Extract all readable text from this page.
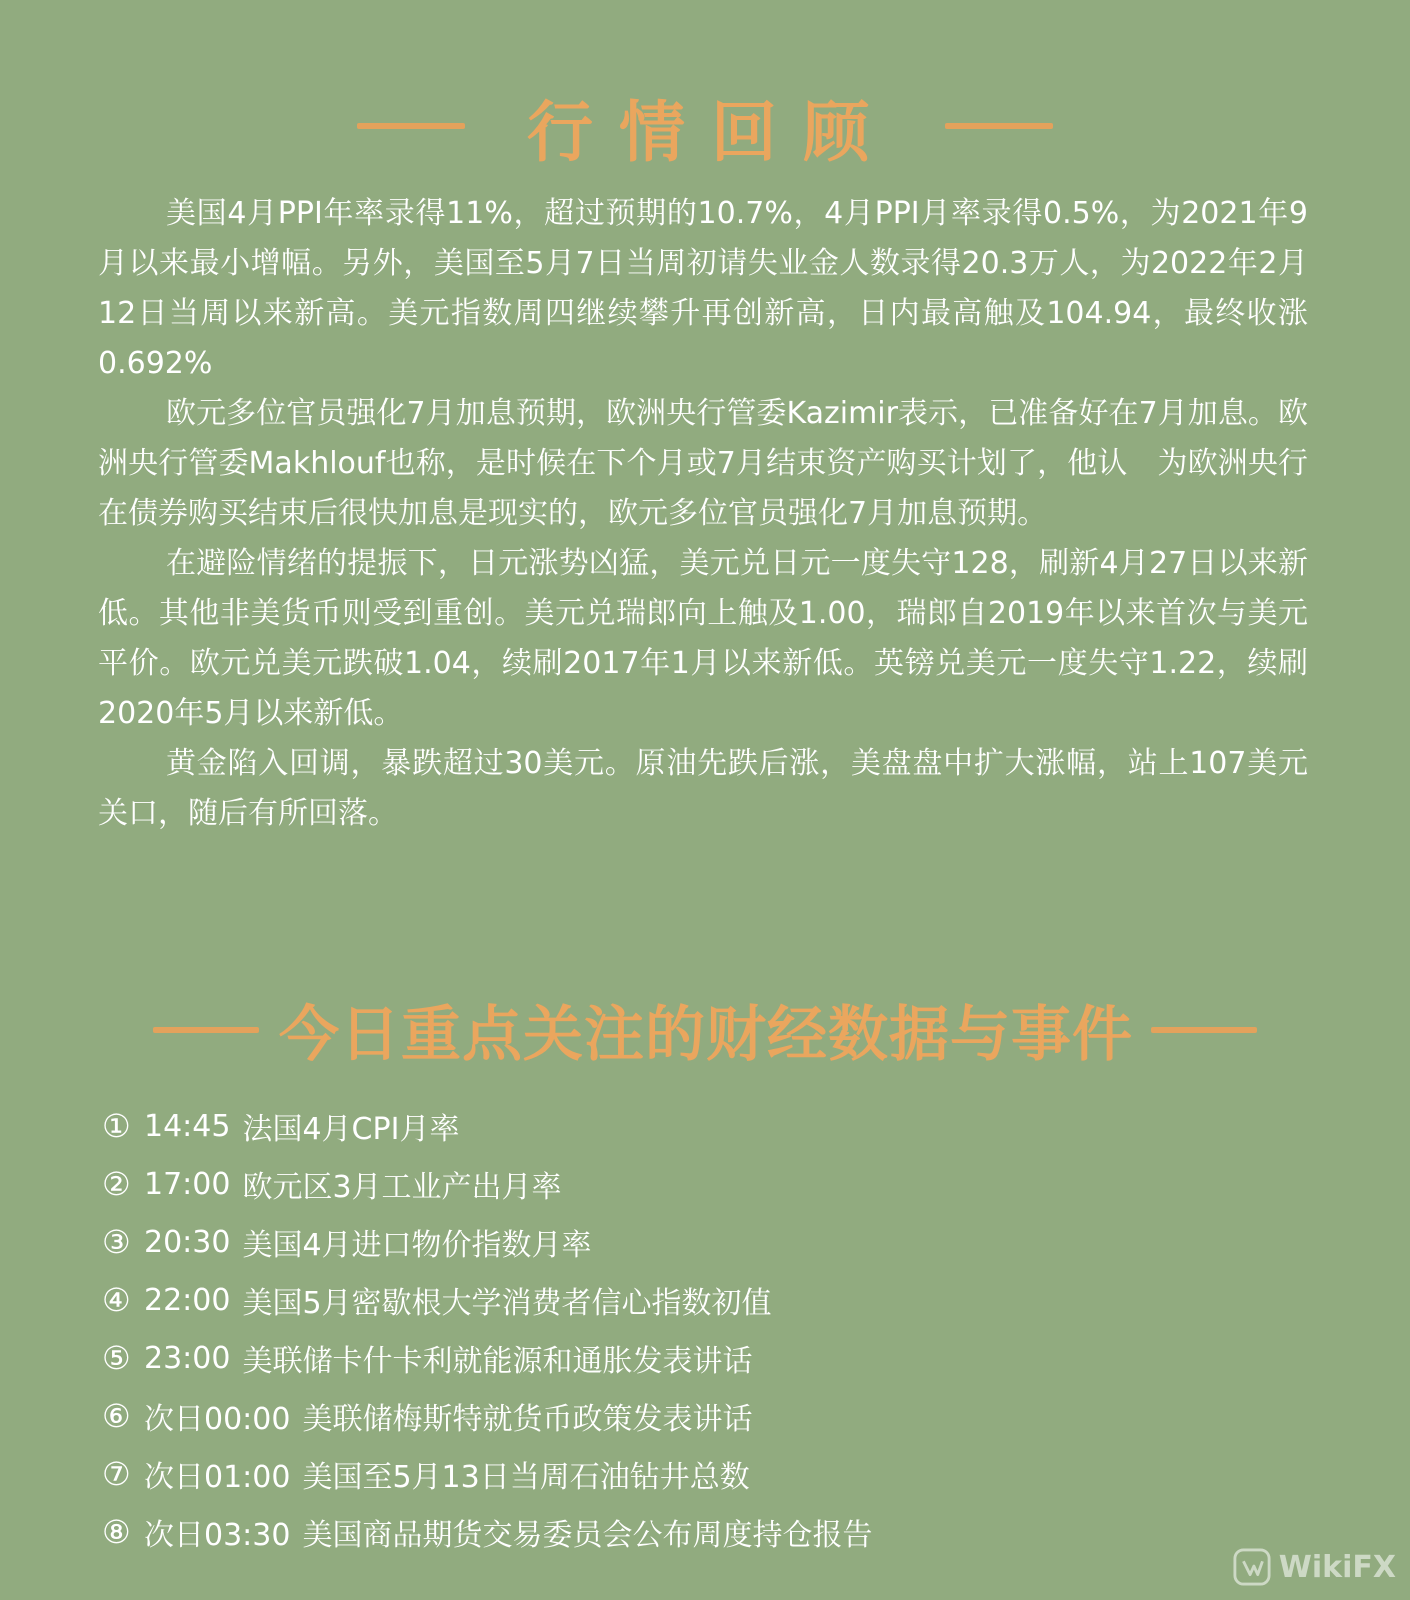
行情回顾

美国4月PPI年率录得11%，超过预期的10.7%，4月PPI月率录得0.5%，为2021年9月以来最小增幅。另外，美国至5月7日当周初请失业金人数录得20.3万人，为2022年2月12日当周以来新高。美元指数周四继续攀升再创新高，日内最高触及104.94，最终收涨0.692%

欧元多位官员强化7月加息预期，欧洲央行管委Kazimir表示，已准备好在7月加息。欧洲央行管委Makhlouf也称，是时候在下个月或7月结束资产购买计划了，他认　为欧洲央行在债券购买结束后很快加息是现实的，欧元多位官员强化7月加息预期。

在避险情绪的提振下，日元涨势凶猛，美元兑日元一度失守128，刷新4月27日以来新低。其他非美货币则受到重创。美元兑瑞郎向上触及1.00，瑞郎自2019年以来首次与美元平价。欧元兑美元跌破1.04，续刷2017年1月以来新低。英镑兑美元一度失守1.22，续刷2020年5月以来新低。

黄金陷入回调，暴跌超过30美元。原油先跌后涨，美盘盘中扩大涨幅，站上107美元关口，随后有所回落。

今日重点关注的财经数据与事件
① 14:45 法国4月CPI月率
② 17:00 欧元区3月工业产出月率
③ 20:30 美国4月进口物价指数月率
④ 22:00 美国5月密歇根大学消费者信心指数初值
⑤ 23:00 美联储卡什卡利就能源和通胀发表讲话
⑥ 次日00:00 美联储梅斯特就货币政策发表讲话
⑦ 次日01:00 美国至5月13日当周石油钻井总数
⑧ 次日03:30 美国商品期货交易委员会公布周度持仓报告
WikiFX
